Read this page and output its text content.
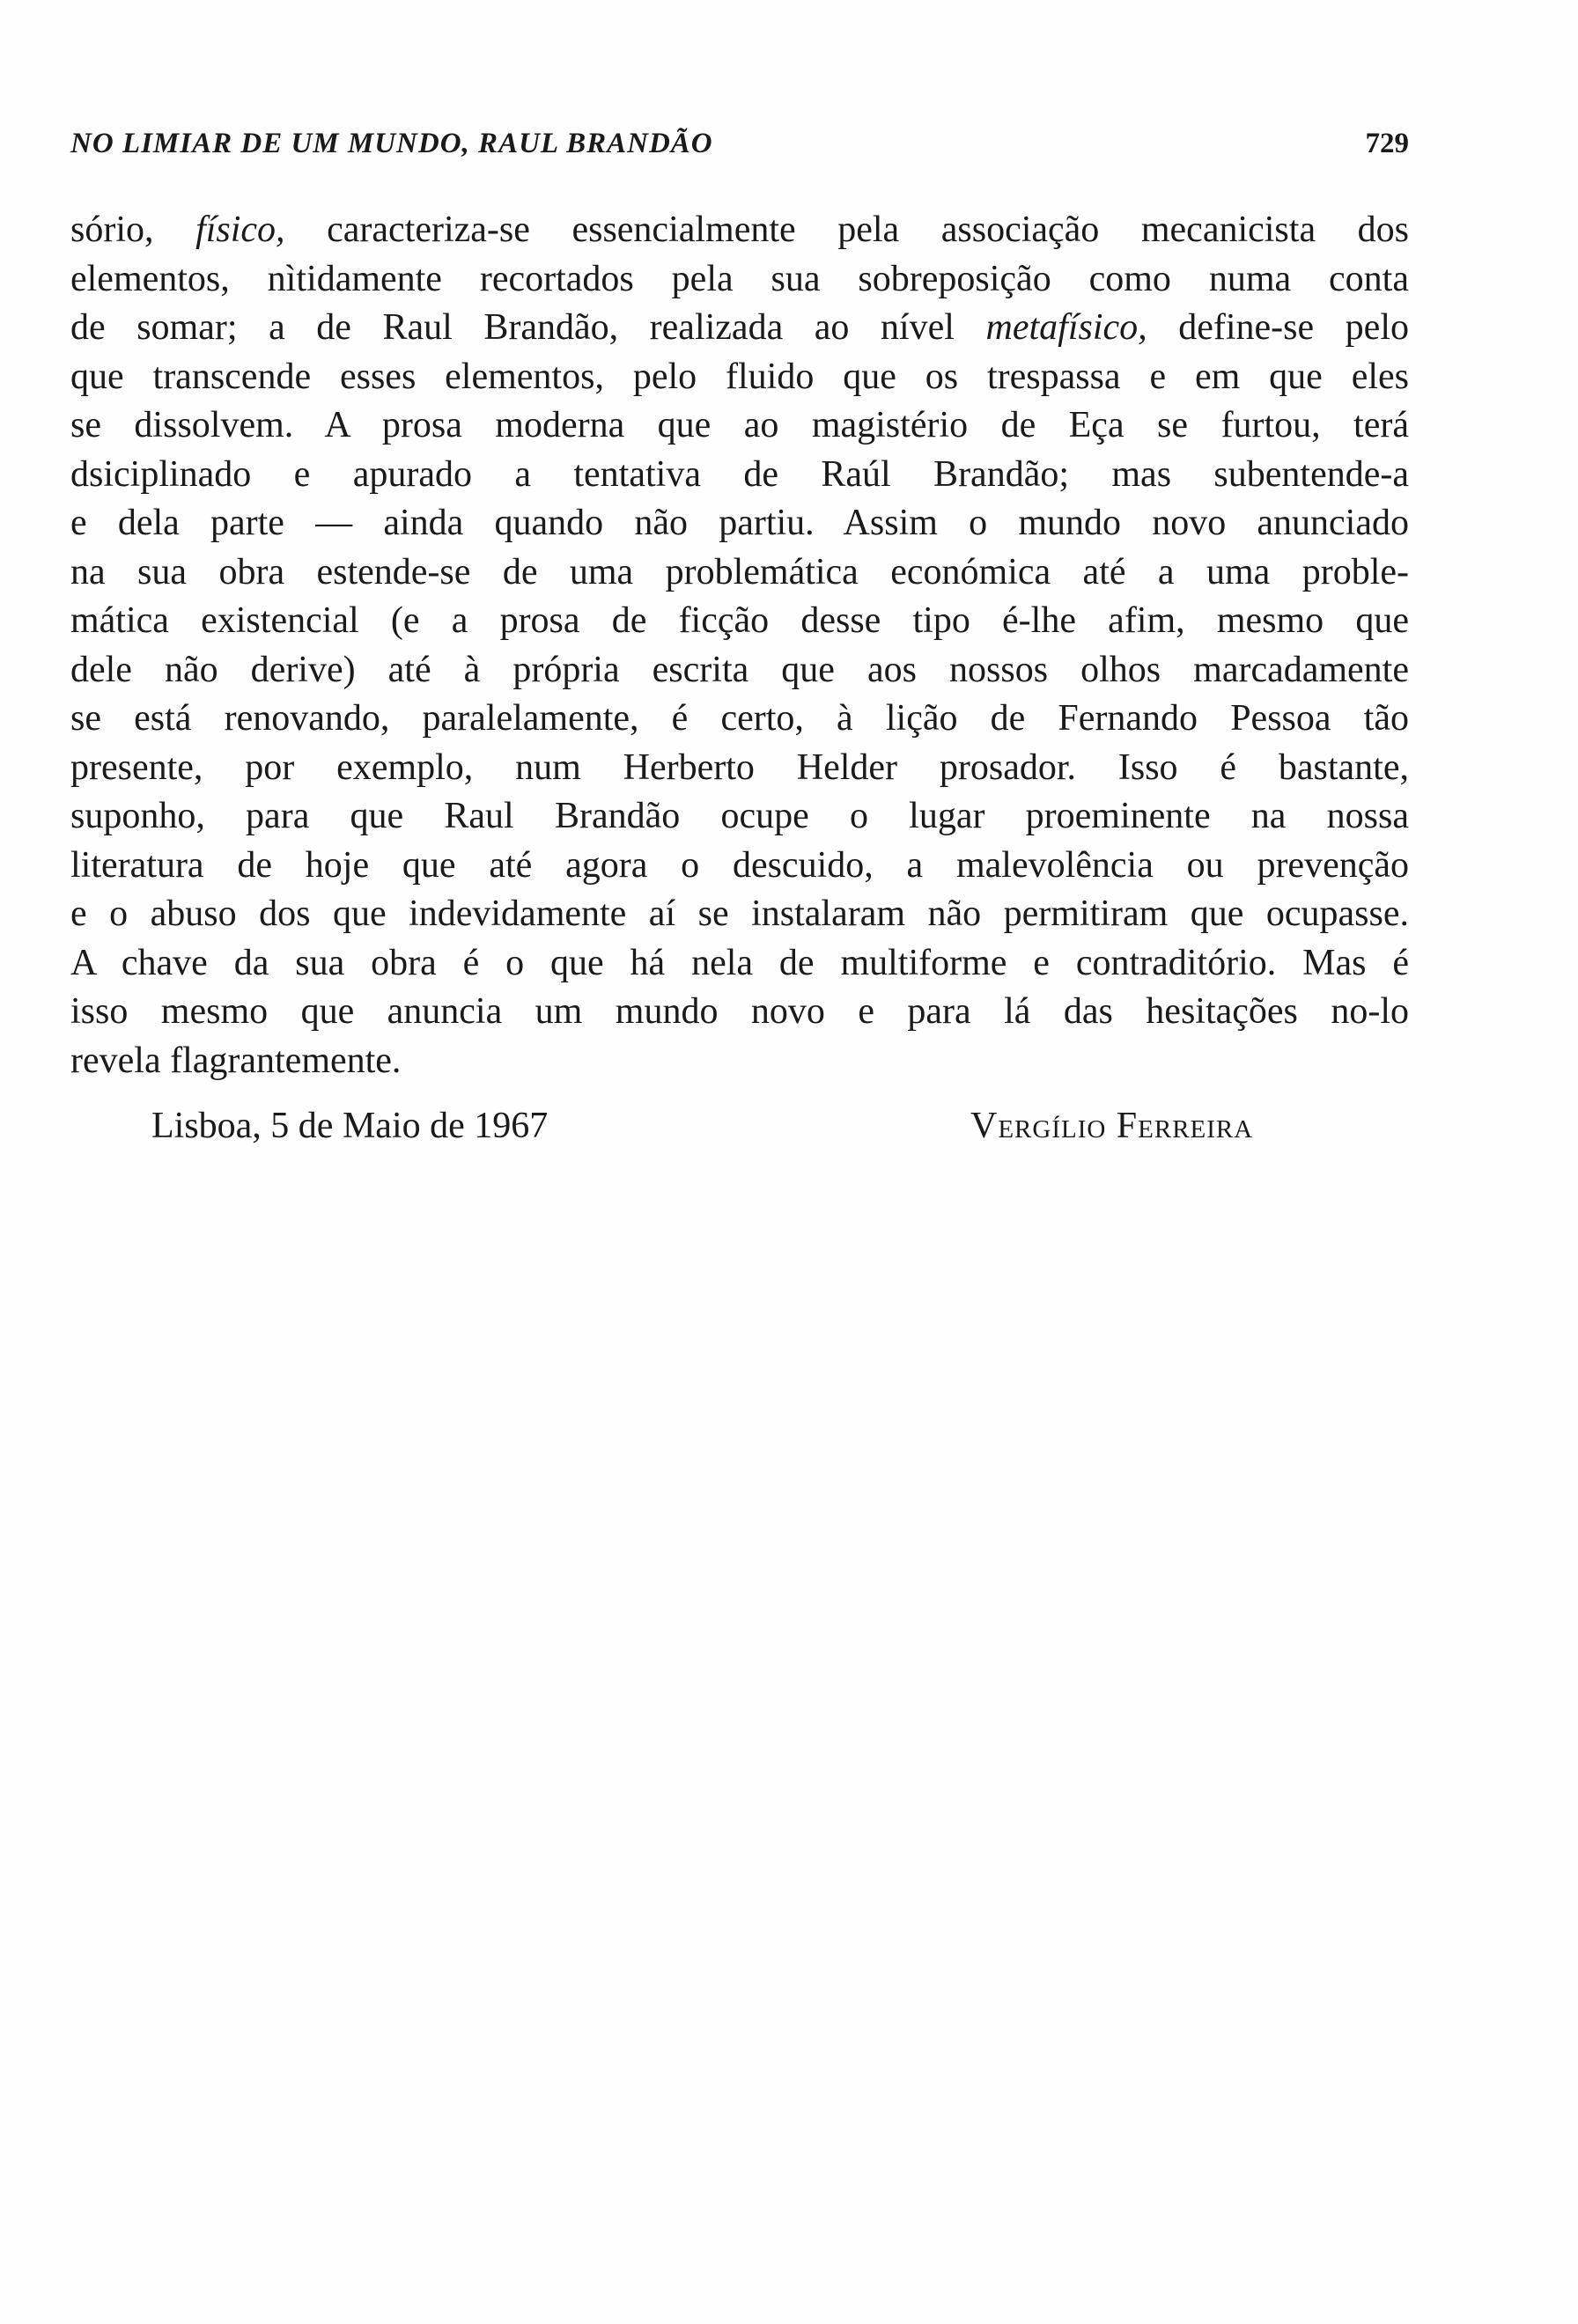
NO LIMIAR DE UM MUNDO, RAUL BRANDÃO	729
sório, físico, caracteriza-se essencialmente pela associação mecanicista dos
elementos, nìtidamente recortados pela sua sobreposição como numa conta
de somar; a de Raul Brandão, realizada ao nível metafísico, define-se pelo
que transcende esses elementos, pelo fluido que os trespassa e em que eles
se dissolvem. A prosa moderna que ao magistério de Eça se furtou, terá
dsiciplinado e apurado a tentativa de Raúl Brandão; mas subentende-a
e dela parte — ainda quando não partiu. Assim o mundo novo anunciado
na sua obra estende-se de uma problemática económica até a uma proble-
mática existencial (e a prosa de ficção desse tipo é-lhe afim, mesmo que
dele não derive) até à própria escrita que aos nossos olhos marcadamente
se está renovando, paralelamente, é certo, à lição de Fernando Pessoa tão
presente, por exemplo, num Herberto Helder prosador. Isso é bastante,
suponho, para que Raul Brandão ocupe o lugar proeminente na nossa
literatura de hoje que até agora o descuido, a malevolência ou prevenção
e o abuso dos que indevidamente aí se instalaram não permitiram que ocupasse.
A chave da sua obra é o que há nela de multiforme e contraditório. Mas é
isso mesmo que anuncia um mundo novo e para lá das hesitações no-lo
revela flagrantemente.
Lisboa, 5 de Maio de 1967	Vergílio Ferreira
